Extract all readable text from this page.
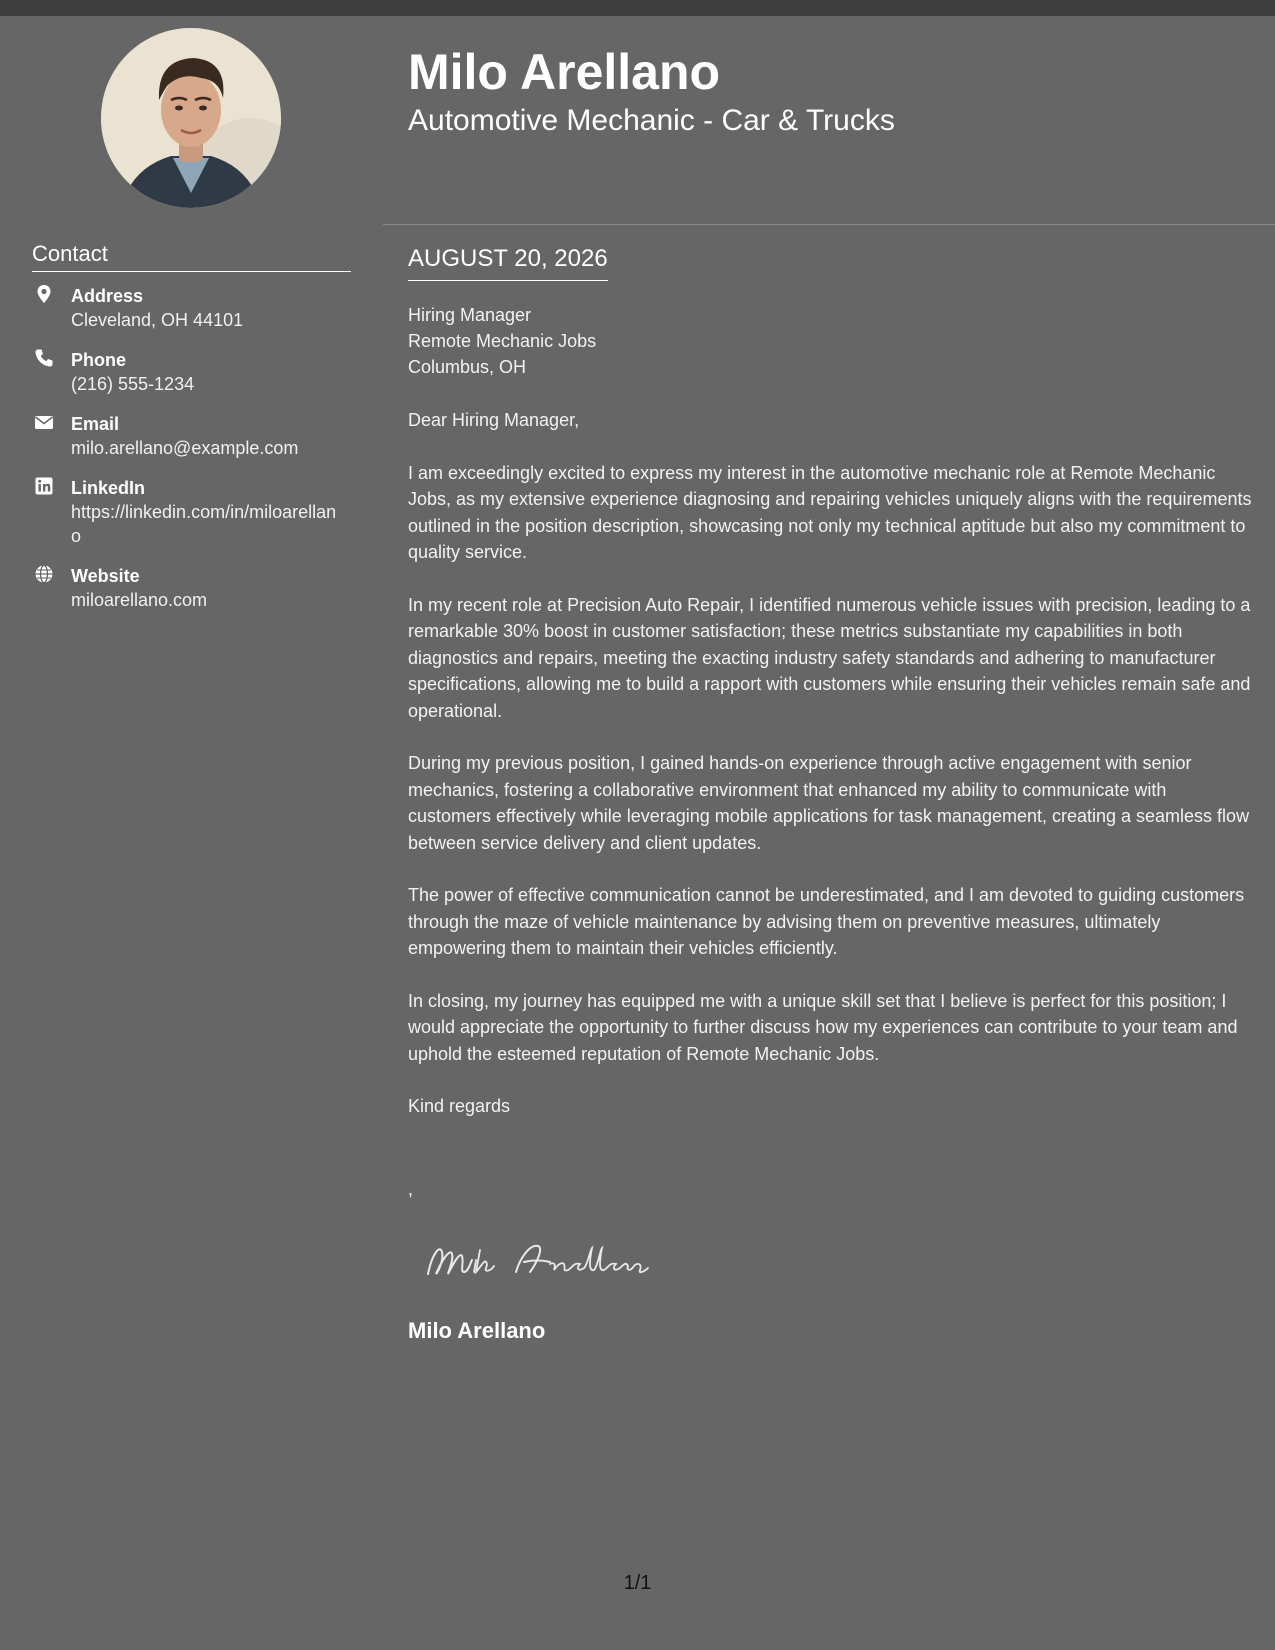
Contact
Address
Cleveland, OH 44101
Phone
(216) 555-1234
Email
milo.arellano@example.com
LinkedIn
https://linkedin.com/in/miloarellano
Website
miloarellano.com
Milo Arellano
Automotive Mechanic - Car & Trucks
AUGUST 20, 2026
Hiring Manager
Remote Mechanic Jobs
Columbus, OH
Dear Hiring Manager,
I am exceedingly excited to express my interest in the automotive mechanic role at Remote Mechanic Jobs, as my extensive experience diagnosing and repairing vehicles uniquely aligns with the requirements outlined in the position description, showcasing not only my technical aptitude but also my commitment to quality service.
In my recent role at Precision Auto Repair, I identified numerous vehicle issues with precision, leading to a remarkable 30% boost in customer satisfaction; these metrics substantiate my capabilities in both diagnostics and repairs, meeting the exacting industry safety standards and adhering to manufacturer specifications, allowing me to build a rapport with customers while ensuring their vehicles remain safe and operational.
During my previous position, I gained hands-on experience through active engagement with senior mechanics, fostering a collaborative environment that enhanced my ability to communicate with customers effectively while leveraging mobile applications for task management, creating a seamless flow between service delivery and client updates.
The power of effective communication cannot be underestimated, and I am devoted to guiding customers through the maze of vehicle maintenance by advising them on preventive measures, ultimately empowering them to maintain their vehicles efficiently.
In closing, my journey has equipped me with a unique skill set that I believe is perfect for this position; I would appreciate the opportunity to further discuss how my experiences can contribute to your team and uphold the esteemed reputation of Remote Mechanic Jobs.
Kind regards
,
Milo Arellano
1/1
